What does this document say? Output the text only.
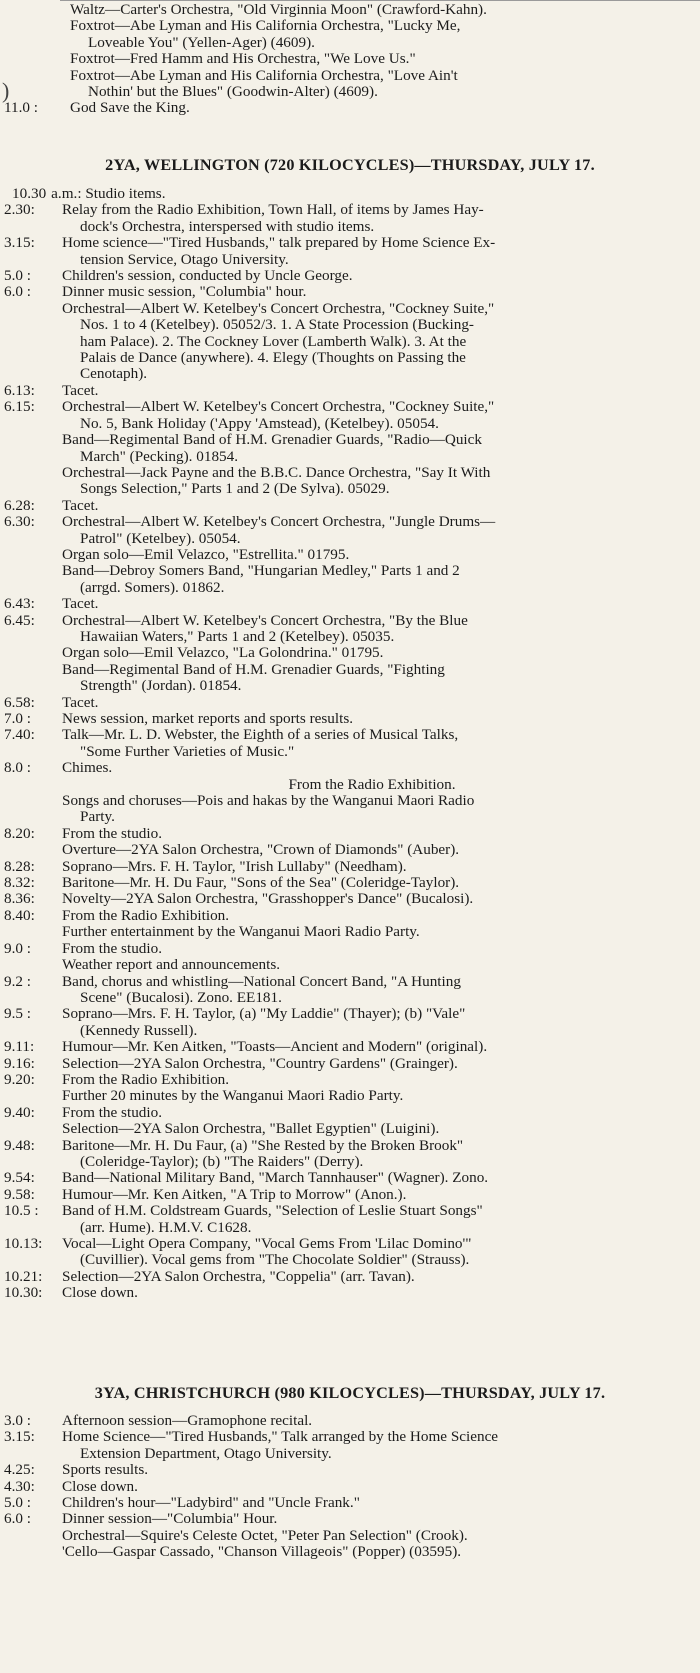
)
Waltz—Carter's Orchestra, "Old Virginnia Moon" (Crawford-Kahn).
Foxtrot—Abe Lyman and His California Orchestra, "Lucky Me,
Loveable You" (Yellen-Ager) (4609).
Foxtrot—Fred Hamm and His Orchestra, "We Love Us."
Foxtrot—Abe Lyman and His California Orchestra, "Love Ain't
Nothin' but the Blues" (Goodwin-Alter) (4609).
11.0 :	God Save the King.
2YA, WELLINGTON (720 KILOCYCLES)—THURSDAY, JULY 17.
10.30 a.m.: Studio items.
2.30:	Relay from the Radio Exhibition, Town Hall, of items by James Hay-
dock's Orchestra, interspersed with studio items.
3.15:	Home science—"Tired Husbands," talk prepared by Home Science Ex-
tension Service, Otago University.
5.0 :	Children's session, conducted by Uncle George.
6.0 :	Dinner music session, "Columbia" hour.
Orchestral—Albert W. Ketelbey's Concert Orchestra, "Cockney Suite,"
Nos. 1 to 4 (Ketelbey). 05052/3. 1. A State Procession (Bucking-
ham Palace). 2. The Cockney Lover (Lamberth Walk). 3. At the
Palais de Dance (anywhere). 4. Elegy (Thoughts on Passing the
Cenotaph).
6.13:	Tacet.
6.15:	Orchestral—Albert W. Ketelbey's Concert Orchestra, "Cockney Suite,"
No. 5, Bank Holiday ('Appy 'Amstead), (Ketelbey). 05054.
Band—Regimental Band of H.M. Grenadier Guards, "Radio—Quick
March" (Pecking). 01854.
Orchestral—Jack Payne and the B.B.C. Dance Orchestra, "Say It With
Songs Selection," Parts 1 and 2 (De Sylva). 05029.
6.28:	Tacet.
6.30:	Orchestral—Albert W. Ketelbey's Concert Orchestra, "Jungle Drums—
Patrol" (Ketelbey). 05054.
Organ solo—Emil Velazco, "Estrellita." 01795.
Band—Debroy Somers Band, "Hungarian Medley," Parts 1 and 2
(arrgd. Somers). 01862.
6.43:	Tacet.
6.45:	Orchestral—Albert W. Ketelbey's Concert Orchestra, "By the Blue
Hawaiian Waters," Parts 1 and 2 (Ketelbey). 05035.
Organ solo—Emil Velazco, "La Golondrina." 01795.
Band—Regimental Band of H.M. Grenadier Guards, "Fighting
Strength" (Jordan). 01854.
6.58:	Tacet.
7.0 :	News session, market reports and sports results.
7.40:	Talk—Mr. L. D. Webster, the Eighth of a series of Musical Talks,
"Some Further Varieties of Music."
8.0 :	Chimes.
From the Radio Exhibition.
Songs and choruses—Pois and hakas by the Wanganui Maori Radio
Party.
8.20:	From the studio.
Overture—2YA Salon Orchestra, "Crown of Diamonds" (Auber).
8.28:	Soprano—Mrs. F. H. Taylor, "Irish Lullaby" (Needham).
8.32:	Baritone—Mr. H. Du Faur, "Sons of the Sea" (Coleridge-Taylor).
8.36:	Novelty—2YA Salon Orchestra, "Grasshopper's Dance" (Bucalosi).
8.40:	From the Radio Exhibition.
Further entertainment by the Wanganui Maori Radio Party.
9.0 :	From the studio.
Weather report and announcements.
9.2 :	Band, chorus and whistling—National Concert Band, "A Hunting
Scene" (Bucalosi). Zono. EE181.
9.5 :	Soprano—Mrs. F. H. Taylor, (a) "My Laddie" (Thayer); (b) "Vale"
(Kennedy Russell).
9.11:	Humour—Mr. Ken Aitken, "Toasts—Ancient and Modern" (original).
9.16:	Selection—2YA Salon Orchestra, "Country Gardens" (Grainger).
9.20:	From the Radio Exhibition.
Further 20 minutes by the Wanganui Maori Radio Party.
9.40:	From the studio.
Selection—2YA Salon Orchestra, "Ballet Egyptien" (Luigini).
9.48:	Baritone—Mr. H. Du Faur, (a) "She Rested by the Broken Brook"
(Coleridge-Taylor); (b) "The Raiders" (Derry).
9.54:	Band—National Military Band, "March Tannhauser" (Wagner). Zono.
9.58:	Humour—Mr. Ken Aitken, "A Trip to Morrow" (Anon.).
10.5 :	Band of H.M. Coldstream Guards, "Selection of Leslie Stuart Songs"
(arr. Hume). H.M.V. C1628.
10.13:	Vocal—Light Opera Company, "Vocal Gems From 'Lilac Domino'"
(Cuvillier). Vocal gems from "The Chocolate Soldier" (Strauss).
10.21:	Selection—2YA Salon Orchestra, "Coppelia" (arr. Tavan).
10.30:	Close down.
3YA, CHRISTCHURCH (980 KILOCYCLES)—THURSDAY, JULY 17.
3.0 :	Afternoon session—Gramophone recital.
3.15:	Home Science—"Tired Husbands," Talk arranged by the Home Science
Extension Department, Otago University.
4.25:	Sports results.
4.30:	Close down.
5.0 :	Children's hour—"Ladybird" and "Uncle Frank."
6.0 :	Dinner session—"Columbia" Hour.
Orchestral—Squire's Celeste Octet, "Peter Pan Selection" (Crook).
'Cello—Gaspar Cassado, "Chanson Villageois" (Popper) (03595).
